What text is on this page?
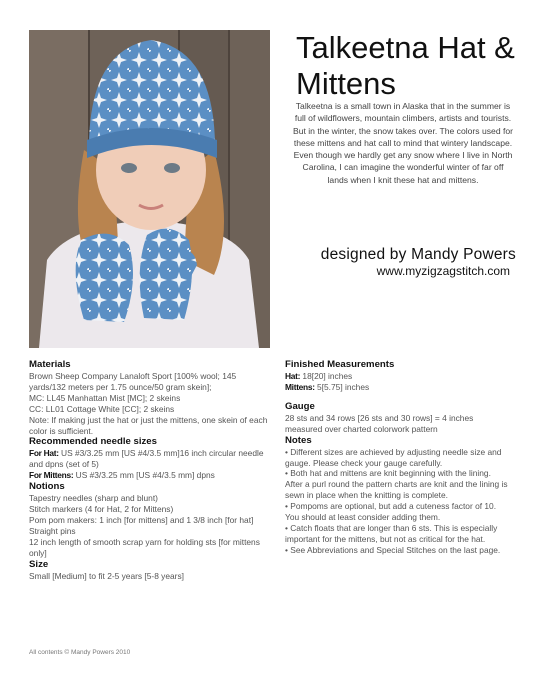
Talkeetna Hat & Mittens

Talkeetna is a small town in Alaska that in the summer is full of wildflowers, mountain climbers, artists and tourists. But in the winter, the snow takes over. The colors used for these mittens and hat call to mind that wintery landscape. Even though we hardly get any snow where I live in North Carolina, I can imagine the wonderful winter of far off lands when I knit these hat and mittens.

designed by Mandy Powers

www.myzigzagstitch.com

Materials

Brown Sheep Company Lanaloft Sport [100% wool; 145 yards/132 meters per 1.75 ounce/50 gram skein];

MC: LL45 Manhattan Mist [MC]; 2 skeins

CC: LL01 Cottage White [CC]; 2 skeins

Note: If making just the hat or just the mittens, one skein of each color is sufficient.

Recommended needle sizes

For Hat: US #3/3.25 mm [US #4/3.5 mm]16 inch circular needle and dpns (set of 5)

For Mittens: US #3/3.25 mm [US #4/3.5 mm] dpns

Notions

Tapestry needles (sharp and blunt)

Stitch markers (4 for Hat, 2 for Mittens)

Pom pom makers: 1 inch [for mittens] and 1 3/8 inch [for hat]

Straight pins

12 inch length of smooth scrap yarn for holding sts [for mittens only]

Size

Small [Medium] to fit 2-5 years [5-8 years]

Finished Measurements

Hat: 18[20] inches

Mittens: 5[5.75] inches

Gauge

28 sts and 34 rows [26 sts and 30 rows] = 4 inches measured over charted colorwork pattern

Notes

• Different sizes are achieved by adjusting needle size and gauge. Please check your gauge carefully.

• Both hat and mittens are knit beginning with the lining. After a purl round the pattern charts are knit and the lining is sewn in place when the knitting is complete.

• Pompoms are optional, but add a cuteness factor of 10. You should at least consider adding them.

• Catch floats that are longer than 6 sts. This is especially important for the mittens, but not as critical for the hat.

• See Abbreviations and Special Stitches on the last page.

All contents © Mandy Powers 2010
